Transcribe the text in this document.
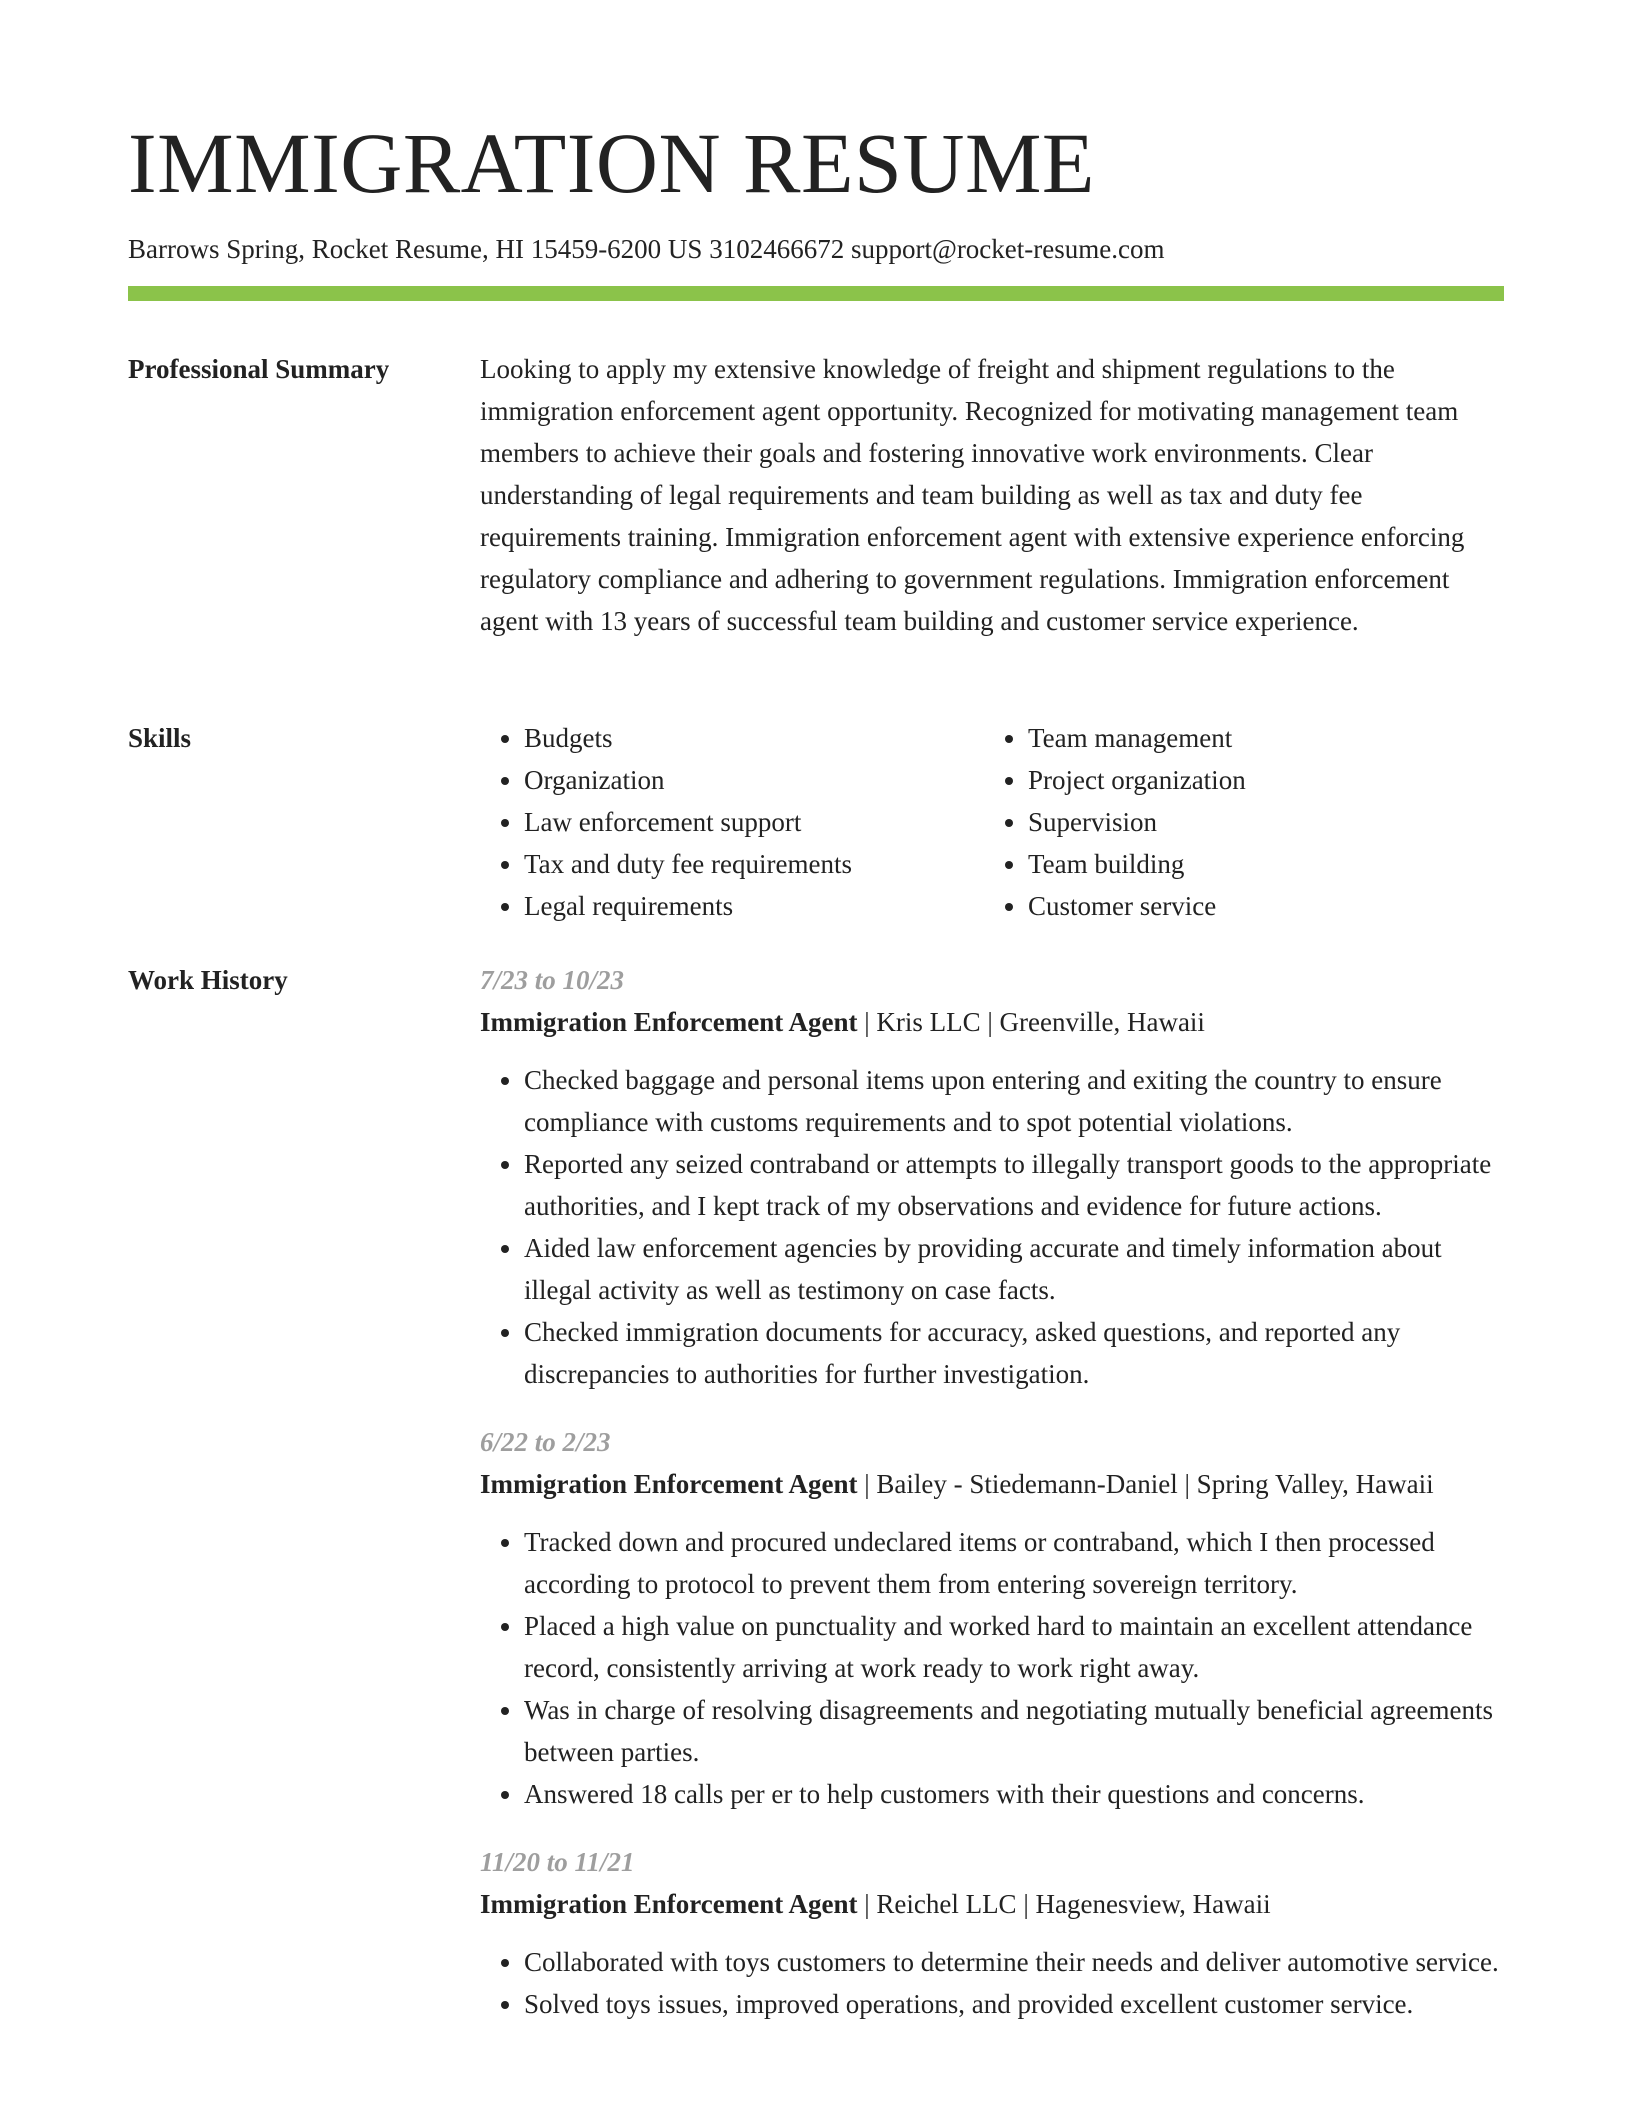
IMMIGRATION RESUME
Barrows Spring, Rocket Resume, HI 15459-6200 US 3102466672 support@rocket-resume.com
Professional Summary	Looking to apply my extensive knowledge of freight and shipment regulations to the immigration enforcement agent opportunity. Recognized for motivating management team members to achieve their goals and fostering innovative work environments. Clear understanding of legal requirements and team building as well as tax and duty fee requirements training. Immigration enforcement agent with extensive experience enforcing regulatory compliance and adhering to government regulations. Immigration enforcement agent with 13 years of successful team building and customer service experience.

Skills
•	Budgets
• Organization
• Law enforcement support
• Tax and duty fee requirements
• Legal requirements
• Team management
• Project organization
• Supervision
• Team building
• Customer service
Work History	7/23 to 10/23
Immigration Enforcement Agent | Kris LLC | Greenville, Hawaii
• Checked baggage and personal items upon entering and exiting the country to ensure compliance with customs requirements and to spot potential violations.
• Reported any seized contraband or attempts to illegally transport goods to the appropriate authorities, and I kept track of my observations and evidence for future actions.
• Aided law enforcement agencies by providing accurate and timely information about illegal activity as well as testimony on case facts.
• Checked immigration documents for accuracy, asked questions, and reported any discrepancies to authorities for further investigation.
6/22 to 2/23
Immigration Enforcement Agent | Bailey - Stiedemann-Daniel | Spring Valley, Hawaii
• Tracked down and procured undeclared items or contraband, which I then processed according to protocol to prevent them from entering sovereign territory.
• Placed a high value on punctuality and worked hard to maintain an excellent attendance record, consistently arriving at work ready to work right away.
• Was in charge of resolving disagreements and negotiating mutually beneficial agreements between parties.
• Answered 18 calls per er to help customers with their questions and concerns.
11/20 to 11/21
Immigration Enforcement Agent | Reichel LLC | Hagenesview, Hawaii
• Collaborated with toys customers to determine their needs and deliver automotive service.
• Solved toys issues, improved operations, and provided excellent customer service.
